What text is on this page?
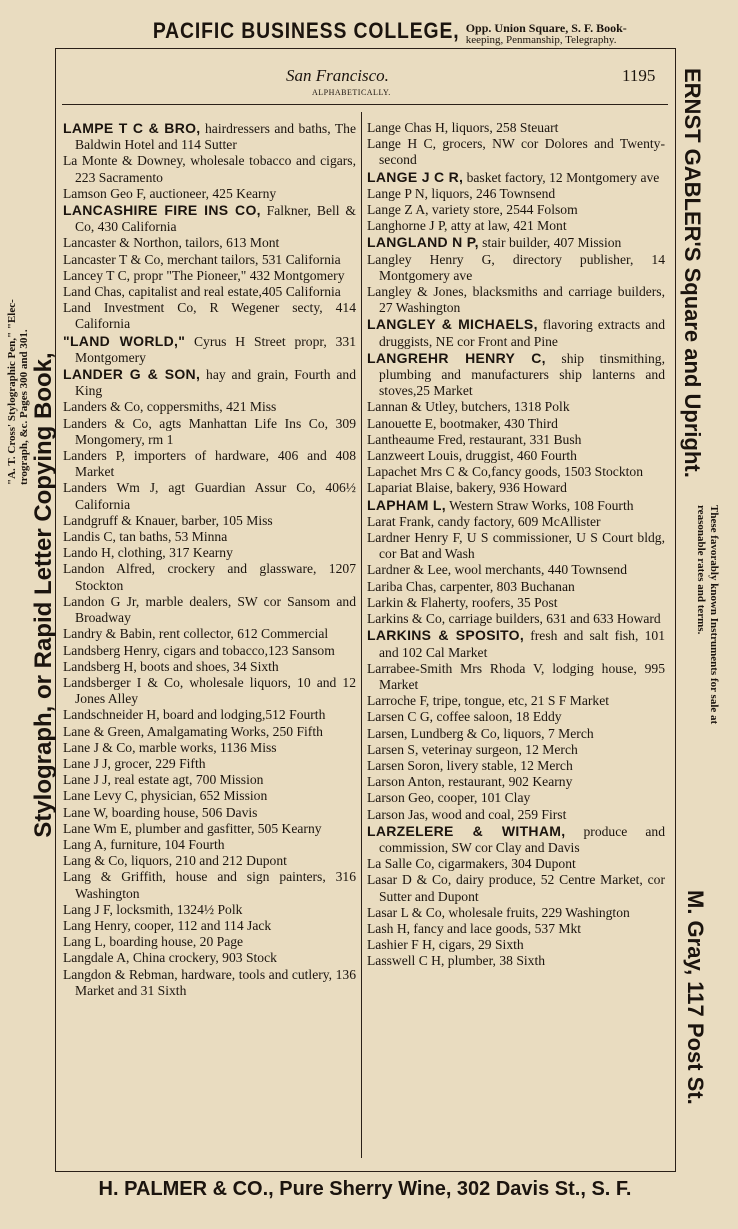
PACIFIC BUSINESS COLLEGE, Opp. Union Square, S. F. Book-
keeping, Penmanship, Telegraphy.
Stylograph, or Rapid Letter Copying Book,
"A. T. Cross' Stylographic Pen," "Elec-
trograph, &c. Pages 300 and 301.	ERNST GABLER'S Square and Upright.
These favorably known Instruments for sale at
reasonable rates and terms.
M. Gray, 117 Post St.
San Francisco.	1195
ALPHABETICALLY.
LAMPE T C & BRO, hairdressers and baths, The Baldwin Hotel and 114 Sutter
La Monte & Downey, wholesale tobacco and cigars, 223 Sacramento
Lamson Geo F, auctioneer, 425 Kearny
LANCASHIRE FIRE INS CO, Falkner, Bell & Co, 430 California
Lancaster & Northon, tailors, 613 Mont
Lancaster T & Co, merchant tailors, 531 California
Lancey T C, propr "The Pioneer," 432 Montgomery
Land Chas, capitalist and real estate,405 California
Land Investment Co, R Wegener secty, 414 California
"LAND WORLD," Cyrus H Street propr, 331 Montgomery
LANDER G & SON, hay and grain, Fourth and King
Landers & Co, coppersmiths, 421 Miss
Landers & Co, agts Manhattan Life Ins Co, 309 Mongomery, rm 1
Landers P, importers of hardware, 406 and 408 Market
Landers Wm J, agt Guardian Assur Co, 406½ California
Landgruff & Knauer, barber, 105 Miss
Landis C, tan baths, 53 Minna
Lando H, clothing, 317 Kearny
Landon Alfred, crockery and glassware, 1207 Stockton
Landon G Jr, marble dealers, SW cor Sansom and Broadway
Landry & Babin, rent collector, 612 Commercial
Landsberg Henry, cigars and tobacco,123 Sansom
Landsberg H, boots and shoes, 34 Sixth
Landsberger I & Co, wholesale liquors, 10 and 12 Jones Alley
Landschneider H, board and lodging,512 Fourth
Lane & Green, Amalgamating Works, 250 Fifth
Lane J & Co, marble works, 1136 Miss
Lane J J, grocer, 229 Fifth
Lane J J, real estate agt, 700 Mission
Lane Levy C, physician, 652 Mission
Lane W, boarding house, 506 Davis
Lane Wm E, plumber and gasfitter, 505 Kearny
Lang A, furniture, 104 Fourth
Lang & Co, liquors, 210 and 212 Dupont
Lang & Griffith, house and sign painters, 316 Washington
Lang J F, locksmith, 1324½ Polk
Lang Henry, cooper, 112 and 114 Jack
Lang L, boarding house, 20 Page
Langdale A, China crockery, 903 Stock
Langdon & Rebman, hardware, tools and cutlery, 136 Market and 31 Sixth
Lange Chas H, liquors, 258 Steuart
Lange H C, grocers, NW cor Dolores and Twenty-second
LANGE J C R, basket factory, 12 Montgomery ave
Lange P N, liquors, 246 Townsend
Lange Z A, variety store, 2544 Folsom
Langhorne J P, atty at law, 421 Mont
LANGLAND N P, stair builder, 407 Mission
Langley Henry G, directory publisher, 14 Montgomery ave
Langley & Jones, blacksmiths and carriage builders, 27 Washington
LANGLEY & MICHAELS, flavoring extracts and druggists, NE cor Front and Pine
LANGREHR HENRY C, ship tinsmithing, plumbing and manufacturers ship lanterns and stoves,25 Market
Lannan & Utley, butchers, 1318 Polk
Lanouette E, bootmaker, 430 Third
Lantheaume Fred, restaurant, 331 Bush
Lanzweert Louis, druggist, 460 Fourth
Lapachet Mrs C & Co,fancy goods, 1503 Stockton
Lapariat Blaise, bakery, 936 Howard
LAPHAM L, Western Straw Works, 108 Fourth
Larat Frank, candy factory, 609 McAllister
Lardner Henry F, U S commissioner, U S Court bldg, cor Bat and Wash
Lardner & Lee, wool merchants, 440 Townsend
Lariba Chas, carpenter, 803 Buchanan
Larkin & Flaherty, roofers, 35 Post
Larkins & Co, carriage builders, 631 and 633 Howard
LARKINS & SPOSITO, fresh and salt fish, 101 and 102 Cal Market
Larrabee-Smith Mrs Rhoda V, lodging house, 995 Market
Larroche F, tripe, tongue, etc, 21 S F Market
Larsen C G, coffee saloon, 18 Eddy
Larsen, Lundberg & Co, liquors, 7 Merch
Larsen S, veterinay surgeon, 12 Merch
Larsen Soron, livery stable, 12 Merch
Larson Anton, restaurant, 902 Kearny
Larson Geo, cooper, 101 Clay
Larson Jas, wood and coal, 259 First
LARZELERE & WITHAM, produce and commission, SW cor Clay and Davis
La Salle Co, cigarmakers, 304 Dupont
Lasar D & Co, dairy produce, 52 Centre Market, cor Sutter and Dupont
Lasar L & Co, wholesale fruits, 229 Washington
Lash H, fancy and lace goods, 537 Mkt
Lashier F H, cigars, 29 Sixth
Lasswell C H, plumber, 38 Sixth
H. PALMER & CO., Pure Sherry Wine, 302 Davis St., S. F.
